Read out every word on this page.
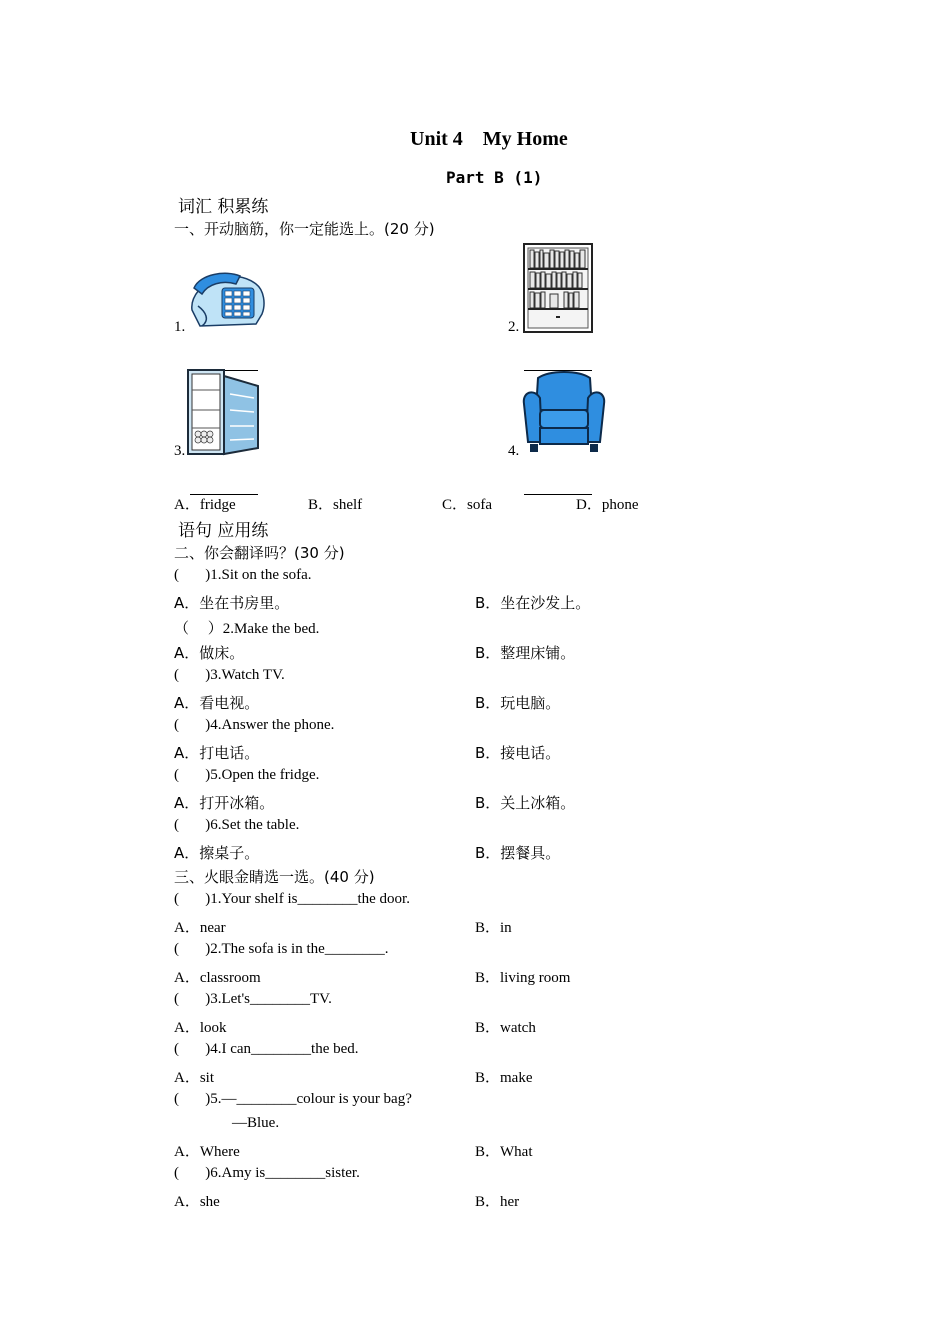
Unit 4    My Home
Part B (1)
词汇 积累练
一、开动脑筋，你一定能选上。(20 分)
1.	2.
3.	4.
A．fridge	B．shelf	C．sofa	D．phone
语句 应用练
二、你会翻译吗？(30 分)
(       )1.Sit on the sofa.
A．坐在书房里。	B．坐在沙发上。
（     ）2.Make the bed.
A．做床。	B．整理床铺。
(       )3.Watch TV.
A．看电视。	B．玩电脑。
(       )4.Answer the phone.
A．打电话。	B．接电话。
(       )5.Open the fridge.
A．打开冰箱。	B．关上冰箱。
(       )6.Set the table.
A．擦桌子。	B．摆餐具。
三、火眼金睛选一选。(40 分)
(       )1.Your shelf is________the door.
A．near	B．in
(       )2.The sofa is in the________.
A．classroom	B．living room
(       )3.Let's________TV.
A．look	B．watch
(       )4.I can________the bed.
A．sit	B．make
(       )5.—________colour is your bag?
—Blue.
A．Where	B．What
(       )6.Amy is________sister.
A．she	B．her
